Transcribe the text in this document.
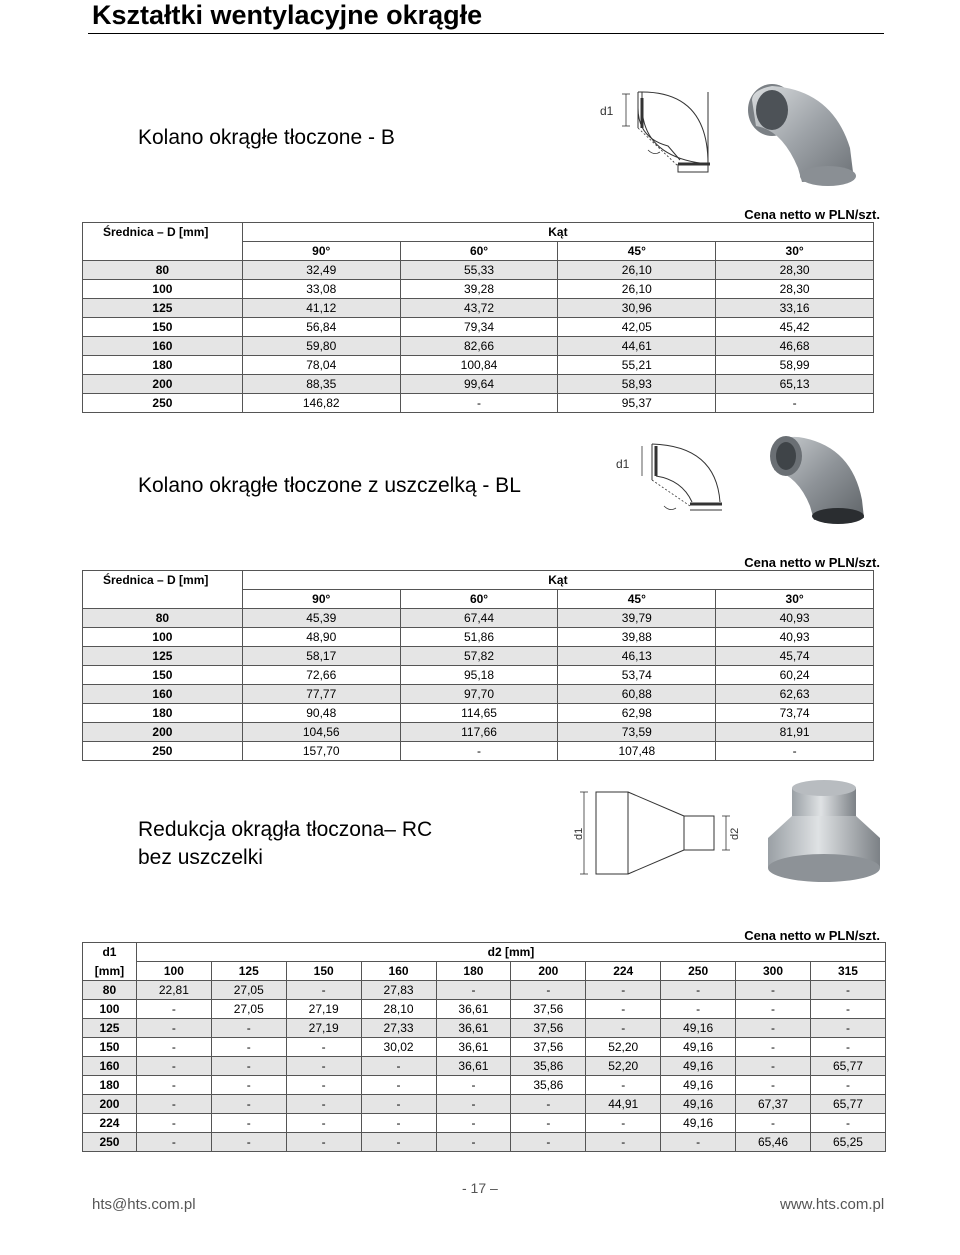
Kształtki wentylacyjne okrągłe
Kolano okrągłe tłoczone - B
d1
Cena netto w PLN/szt.
Średnica – D [mm]	Kąt			
	90°	60°	45°	30°
80	32,49	55,33	26,10	28,30
100	33,08	39,28	26,10	28,30
125	41,12	43,72	30,96	33,16
150	56,84	79,34	42,05	45,42
160	59,80	82,66	44,61	46,68
180	78,04	100,84	55,21	58,99
200	88,35	99,64	58,93	65,13
250	146,82	-	95,37	-
Kolano okrągłe tłoczone z uszczelką - BL
d1
Cena netto w PLN/szt.
Średnica – D [mm]	Kąt			
	90°	60°	45°	30°
80	45,39	67,44	39,79	40,93
100	48,90	51,86	39,88	40,93
125	58,17	57,82	46,13	45,74
150	72,66	95,18	53,74	60,24
160	77,77	97,70	60,88	62,63
180	90,48	114,65	62,98	73,74
200	104,56	117,66	73,59	81,91
250	157,70	-	107,48	-
Redukcja okrągła tłoczona– RC
bez uszczelki
d1	d2
Cena netto w PLN/szt.
d1	d2 [mm]									
[mm]	100	125	150	160	180	200	224	250	300	315
80	22,81	27,05	-	27,83	-	-	-	-	-	-
100	-	27,05	27,19	28,10	36,61	37,56	-	-	-	-
125	-	-	27,19	27,33	36,61	37,56	-	49,16	-	-
150	-	-	-	30,02	36,61	37,56	52,20	49,16	-	-
160	-	-	-	-	36,61	35,86	52,20	49,16	-	65,77
180	-	-	-	-	-	35,86	-	49,16	-	-
200	-	-	-	-	-	-	44,91	49,16	67,37	65,77
224	-	-	-	-	-	-	-	49,16	-	-
250	-	-	-	-	-	-	-	-	65,46	65,25
- 17 –
hts@hts.com.pl	www.hts.com.pl
